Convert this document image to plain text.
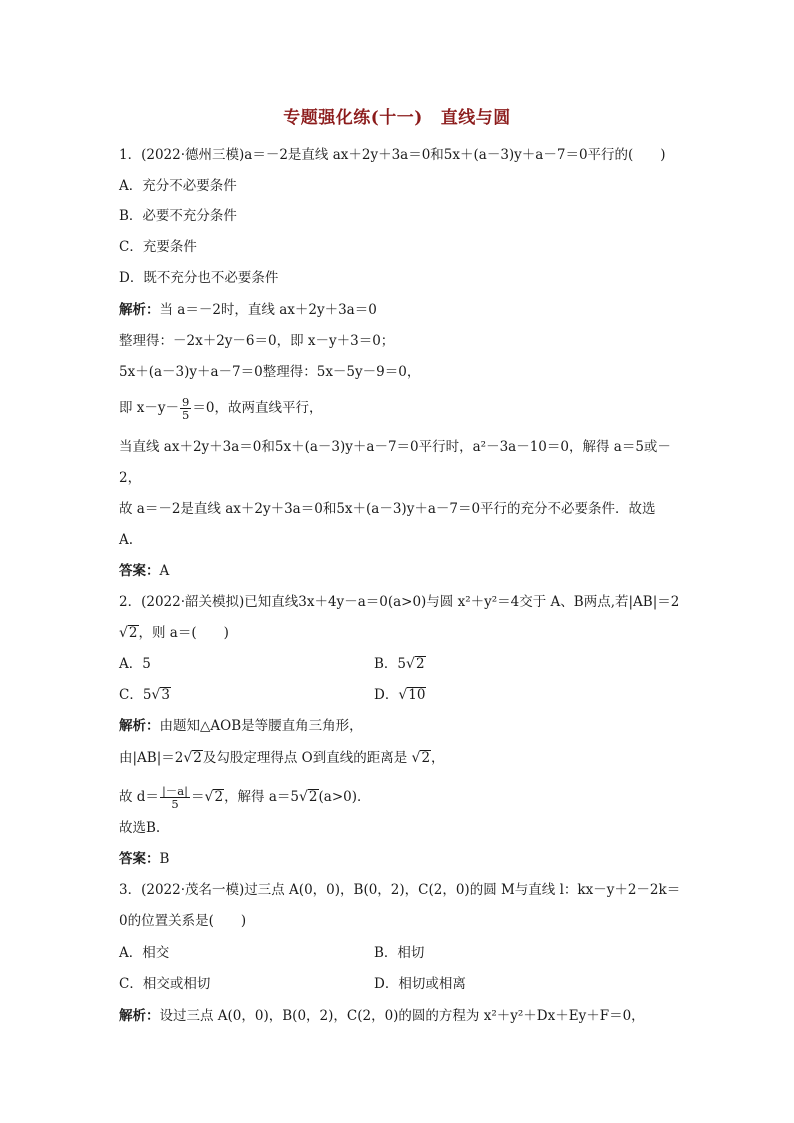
专题强化练(十一) 直线与圆
1．(2022·德州三模)a＝－2是直线 ax＋2y＋3a＝0和5x＋(a－3)y＋a－7＝0平行的(　　)
A．充分不必要条件
B．必要不充分条件
C．充要条件
D．既不充分也不必要条件
解析：当 a＝－2时，直线 ax＋2y＋3a＝0
整理得：－2x＋2y－6＝0，即 x－y＋3＝0；
5x＋(a－3)y＋a－7＝0整理得：5x－5y－9＝0，
即 $x-y- \frac{9}{5} =0$，故两直线平行，
当直线 ax＋2y＋3a＝0和5x＋(a－3)y＋a－7＝0平行时，a²－3a－10＝0，解得 a＝5或－
2，
故 a＝－2是直线 ax＋2y＋3a＝0和5x＋(a－3)y＋a－7＝0平行的充分不必要条件．故选
A.
答案：A
2．(2022·韶关模拟)已知直线3x＋4y－a＝0(a>0)与圆 x²＋y²＝4交于 A、B两点,若|AB|＝2
√2，则 a＝(　　)
A．5	B．5√2
C．5√3	D．√10
解析：由题知△AOB是等腰直角三角形，
由|AB|＝2√2及勾股定理得点 O到直线的距离是 √2，
故 $d= \frac{|-a|}{5} =√2$，解得 a＝5√2(a>0)．
故选B.
答案：B
3．(2022·茂名一模)过三点 A(0，0)，B(0，2)，C(2，0)的圆 M与直线 l：kx－y＋2－2k＝
0的位置关系是(　　)
A．相交	B．相切
C．相交或相切	D．相切或相离
解析：设过三点 A(0，0)，B(0，2)，C(2，0)的圆的方程为 x²＋y²＋Dx＋Ey＋F＝0，
